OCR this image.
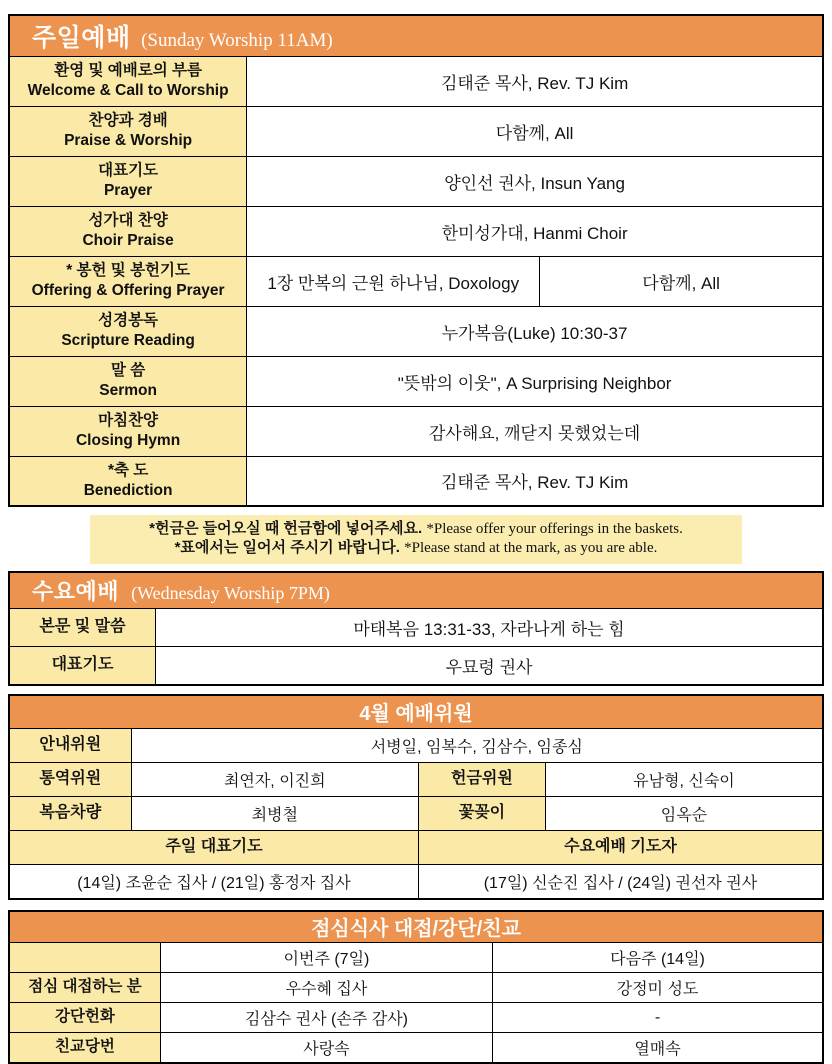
주일예배 (Sunday Worship 11AM)		

환영 및 예배로의 부름
Welcome & Call to Worship	김태준 목사, Rev. TJ Kim	

찬양과 경배
Praise & Worship	다함께, All	

대표기도
Prayer	양인선 권사, Insun Yang	

성가대 찬양
Choir Praise	한미성가대, Hanmi Choir	

* 봉헌 및 봉헌기도
Offering & Offering Prayer	1장 만복의 근원 하나님, Doxology	다함께, All

성경봉독
Scripture Reading	누가복음(Luke) 10:30-37	

말 씀
Sermon	"뜻밖의 이웃", A Surprising Neighbor	

마침찬양
Closing Hymn	감사해요, 깨닫지 못했었는데	

*축 도
Benediction	김태준 목사, Rev. TJ Kim	
*헌금은 들어오실 때 헌금함에 넣어주세요. *Please offer your offerings in the baskets.
*표에서는 일어서 주시기 바랍니다. *Please stand at the mark, as you are able.
수요예배 (Wednesday Worship 7PM)	
본문 및 말씀	마태복음 13:31-33, 자라나게 하는 힘
대표기도	우묘령 권사
4월 예배위원			
안내위원	서병일, 임복수, 김삼수, 임종심		
통역위원	최연자, 이진희	헌금위원	유남형, 신숙이
복음차량	최병철	꽃꽂이	임옥순
주일 대표기도		수요예배 기도자	
(14일) 조윤순 집사 / (21일) 홍정자 집사		(17일) 신순진 집사 / (24일) 권선자 권사	
점심식사 대접/강단/친교		
	이번주 (7일)	다음주 (14일)
점심 대접하는 분	우수혜 집사	강정미 성도
강단헌화	김삼수 권사 (손주 감사)	-
친교당번	사랑속	열매속
